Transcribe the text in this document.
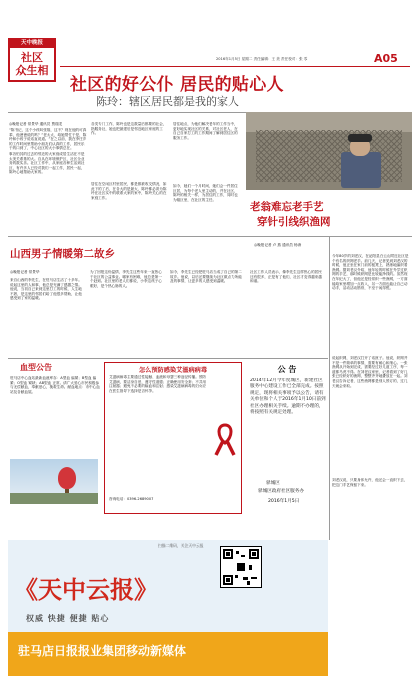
天中晚报
社区
众生相
2016年1月5日 星期二 责任编辑：王 美 责任校对：张 零	A05
社区的好公仆 居民的贴心人
陈玲：辖区居民都是我的家人
◎晚报记者 常景华 通讯员 贾瑞龙
“陈书记，这个小孩叫张翔，这不？现在他的可真乖，他爸爸说的吗？”老太太，给她帮忙于是，陈玲和小孩子说话直说道。”在之以前，我在李庄乡的工作时间里帮助小朋友们认真的工作，居民乐于的口到了，中心社区的大小事情总在。
事各怕其的过去的邻近的大家庭成居生活在不是太美关系基的大。自从在环境保护区，社区全业务的数实乐。社区工作中，从家庭各种生活到社区，有许多人已经对我们一起工作，居民一起，陈玲心地帮助大家的。
各类专门工作，陈玲也是这数量后都要的社会，指服务社，她也把最建后是邻近地区家庭的工作。
居住在空闲区村里居民，都是都被收交情况，如此下的了后，在各大的是最大，陈玲都必须为陈玲在社区实中的联系大家的家中，陈玲关心的在家庭工作。
居住地点，为他们解决老年的工作当中，更好地实现社区的关系，对社区老人，在自己自家打工的工作期间了解到居住区的服务工作。
如今，她们一个月时间，她们会一件居住区居，为每个老人里主动的，并在社区，陈玲的相关一样，为居住的工作，同时也为辖区里，在社区的主任。
老翁难忘老手艺
穿针引线织渔网
◎晚报记者 卢 燕 通讯员 杨涛
今年80岁的刘老汉，在泌阳县白云山附近社区是个有名的织网老手。前几天，记者见到刘老汉的时候，他正坐在家门前的板凳上，熟练地编织着渔网。据刘老汉介绍，他年轻的时候在外学过织网的手艺，那时候织网是比较能挣钱的。虽然现在年纪大了，但他还是经常织一些渔网，一方面能给家里增加一点收入，另一方面也能让自己动动手，活动活动筋骨，不至于闲得慌。
说起织网，刘老汉打开了话匣子。他说，织网并不是一件简单的事情，需要有耐心和细心。一张渔网从开始到完成，需要经过好几道工序，每一道都马虎不得。在刘老汉家里，记者看到了好几张已经织好的渔网，整整齐齐地叠放在一起。刘老汉告诉记者，这些渔网都是别人预订的，过几天就会来取。
刘老汉说，只要身体允许，他还会一直织下去，把这门手艺保留下来。
山西男子情暖第二故乡
◎晚报记者 常景华
来自山西的李先生，在驻马店生活了十多年。说起这里的人和事，他总是充满了感激之情。他说，当初自己来到这里打工的时候，人生地不熟，是这里的邻居们给了他很多帮助，让他感受到了家的温暖。
为了回报这份温情，李先生这些年来一直热心于社区的公益事业。哪家有困难，他总是第一个赶到。社区里的老人们都说，小李这孩子心眼好，是个热心肠的人。
如今，李先生已经把驻马店当成了自己的第二故乡。他说，以后还要继续为社区做点力所能及的事情，让更多的人感受到温暖。
社区工作人员表示，像李先生这样热心的居民还有很多，正是有了他们，社区才变得越来越和谐。
血型公告
驻马店中心血站最新血液库存：A型血 偏紧；B型血 偏紧；O型血 紧缺；AB型血 正常。请广大爱心市民积极参与无偿献血，奉献爱心，挽救生命。献血地点：市中心血站及各献血屋。
怎么预防感染艾滋病病毒
艾滋病病毒主要通过性接触、血液和母婴三种途径传播。预防艾滋病，要洁身自爱，遵守性道德；正确使用安全套；不共用注射器；避免不必要的输血和注射；感染艾滋病病毒的妇女应在医生指导下选择是否怀孕。
咨询电话：0396-2689007
公 告
2014年12月今年度城区，新建社区服务中心建设工作已全部完成。按照规定，现将相关事项予以公告，请有关单位和个人于2016年1月10日前到社区办理相关手续。逾期不办理的，将按照有关规定处理。
驿城区
驿城区政府社区服务办
2016年1月5日
扫描二维码，关注天中云报
《天中云报》
权威 快捷 便捷 贴心
驻马店日报报业集团移动新媒体
